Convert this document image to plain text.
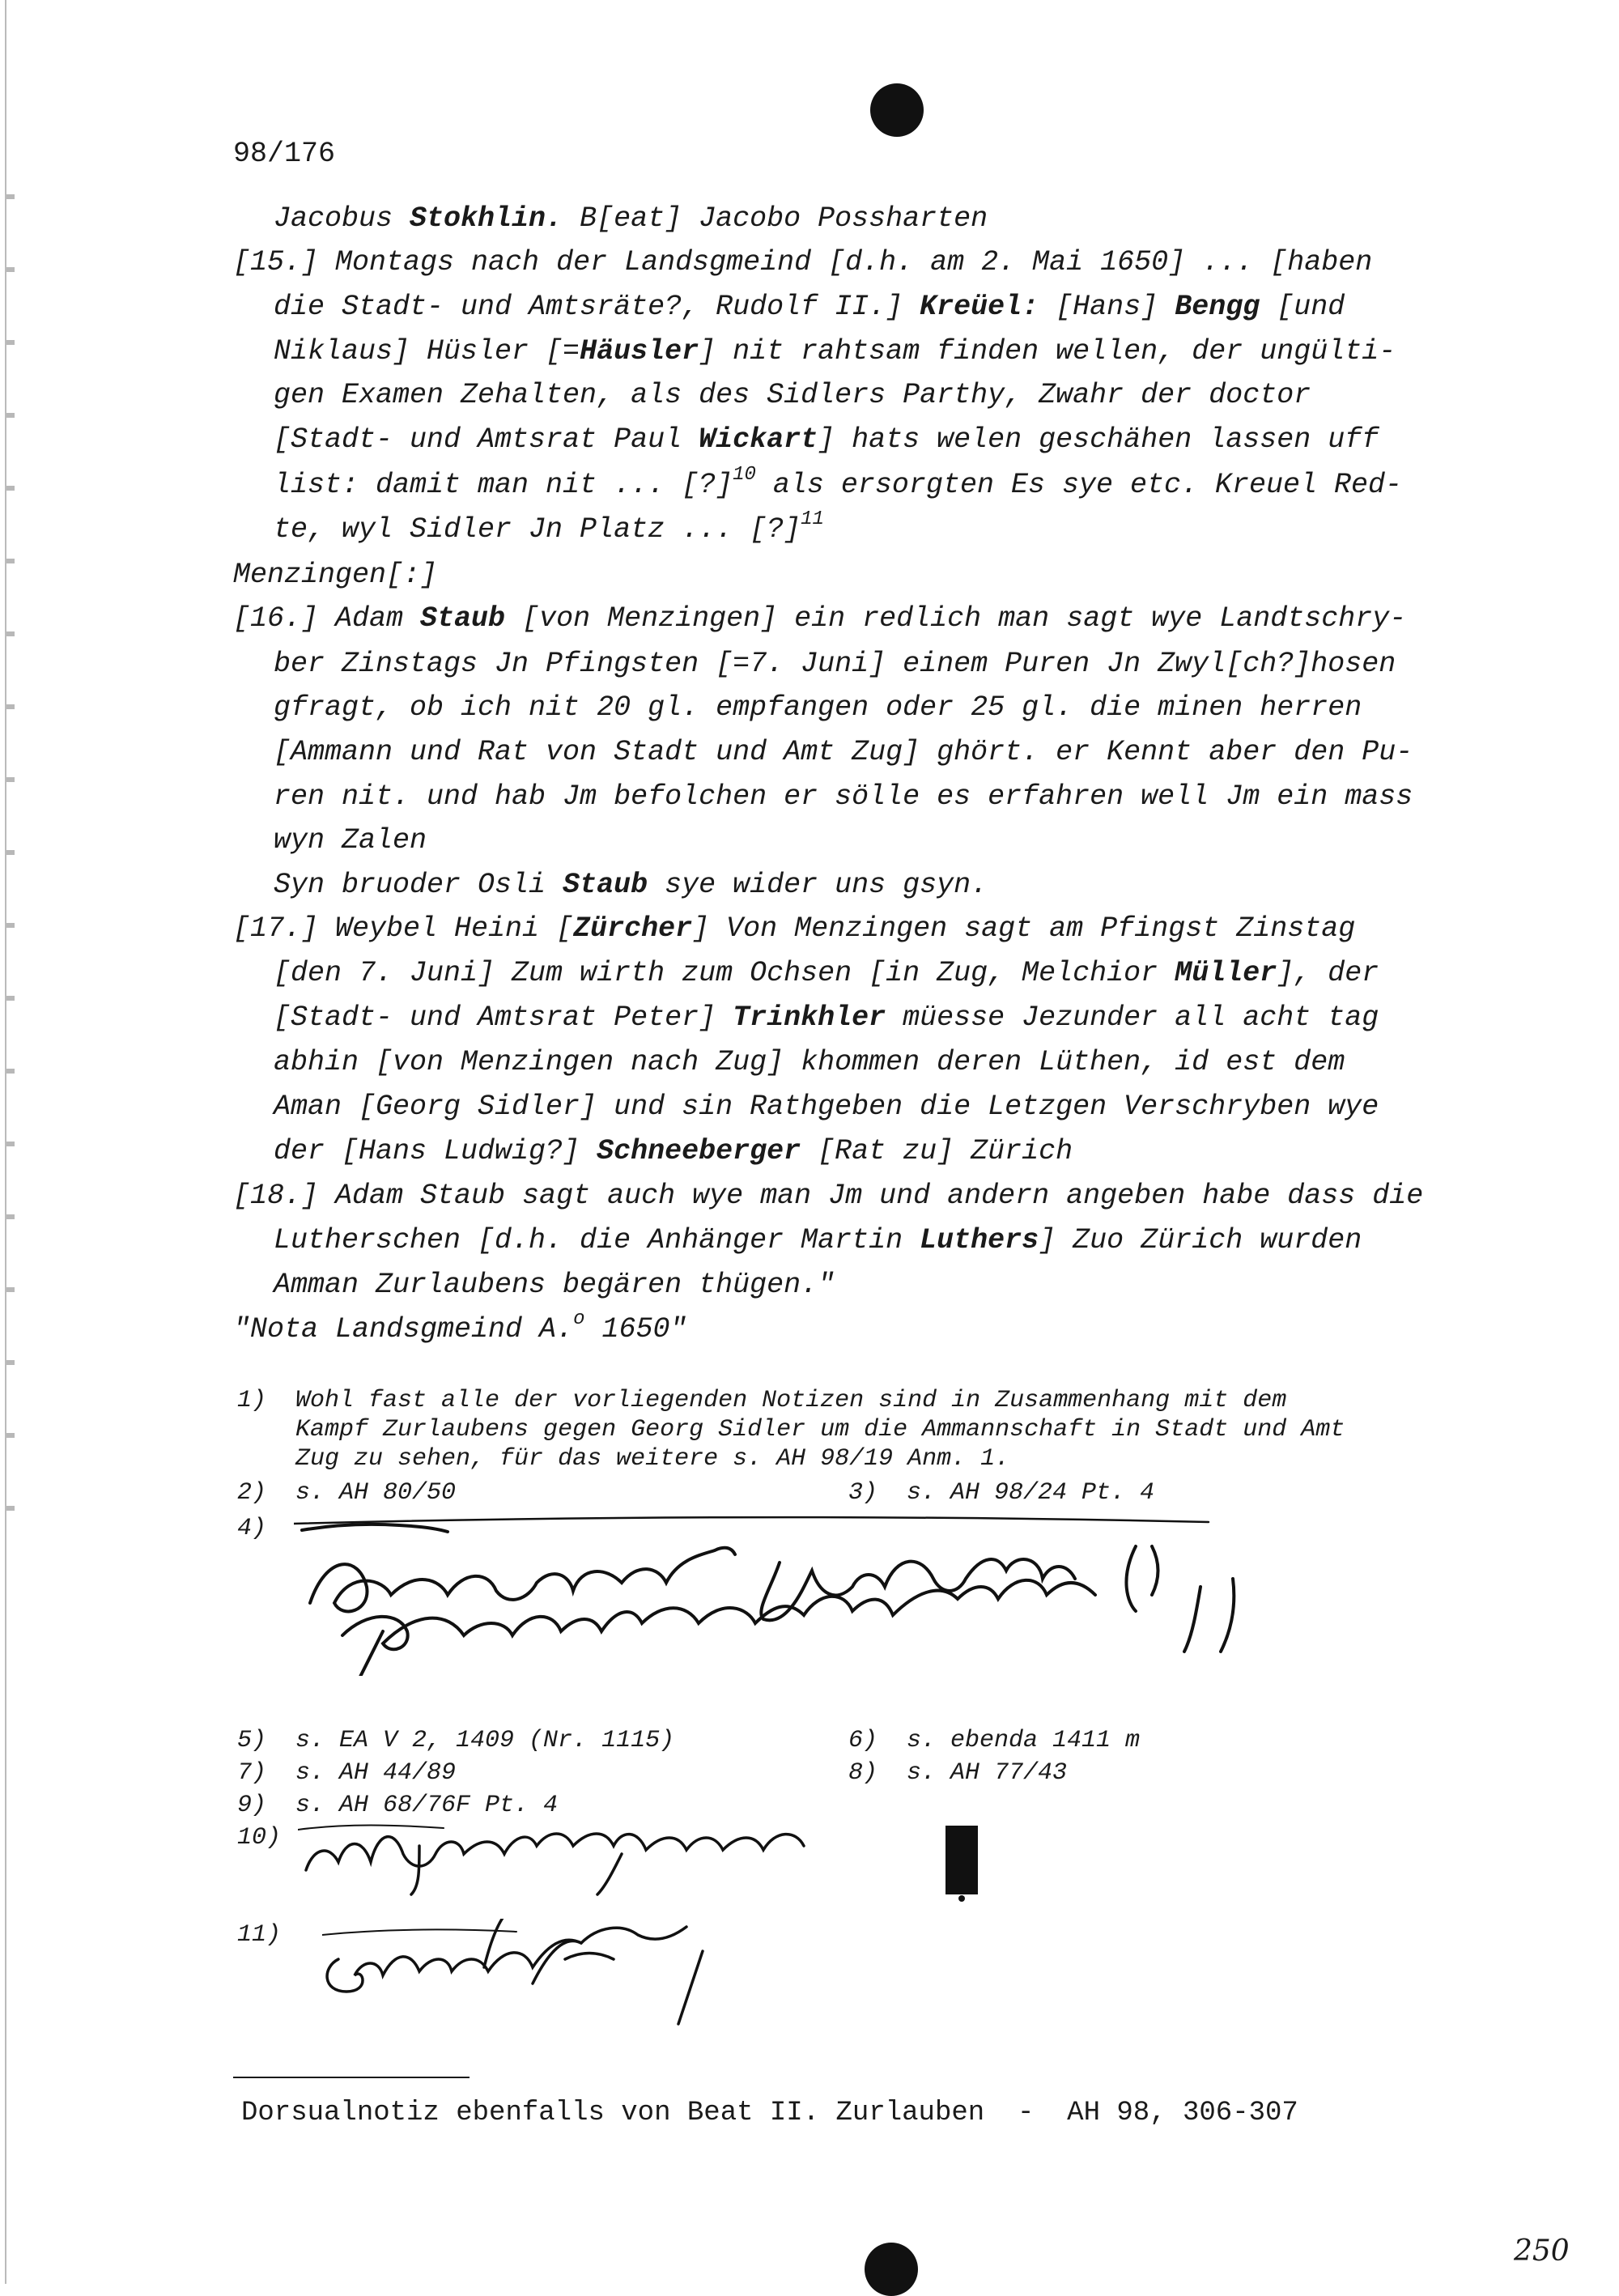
98/176
Jacobus Stokhlin. B[eat] Jacobo Possharten
[15.] Montags nach der Landsgmeind [d.h. am 2. Mai 1650] ... [haben
die Stadt- und Amtsräte?, Rudolf II.] Kreüel: [Hans] Bengg [und
Niklaus] Hüsler [=Häusler] nit rahtsam finden wellen, der ungülti-
gen Examen Zehalten, als des Sidlers Parthy, Zwahr der doctor
[Stadt- und Amtsrat Paul Wickart] hats welen geschähen lassen uff
list: damit man nit ... [?]$^{10}$ als ersorgten Es sye etc. Kreuel Red-
te, wyl Sidler Jn Platz ... [?]$^{11}$
Menzingen[:]
[16.] Adam Staub [von Menzingen] ein redlich man sagt wye Landtschry-
ber Zinstags Jn Pfingsten [=7. Juni] einem Puren Jn Zwyl[ch?]hosen
gfragt, ob ich nit 20 gl. empfangen oder 25 gl. die minen herren
[Ammann und Rat von Stadt und Amt Zug] ghört. er Kennt aber den Pu-
ren nit. und hab Jm befolchen er sölle es erfahren well Jm ein mass
wyn Zalen
Syn bruoder Osli Staub sye wider uns gsyn.
[17.] Weybel Heini [Zürcher] Von Menzingen sagt am Pfingst Zinstag
[den 7. Juni] Zum wirth zum Ochsen [in Zug, Melchior Müller], der
[Stadt- und Amtsrat Peter] Trinkhler müesse Jezunder all acht tag
abhin [von Menzingen nach Zug] khommen deren Lüthen, id est dem
Aman [Georg Sidler] und sin Rathgeben die Letzgen Verschryben wye
der [Hans Ludwig?] Schneeberger [Rat zu] Zürich
[18.] Adam Staub sagt auch wye man Jm und andern angeben habe dass die
Lutherschen [d.h. die Anhänger Martin Luthers] Zuo Zürich wurden
Amman Zurlaubens begären thügen."
"Nota Landsgmeind A.$^o$ 1650"
1)  Wohl fast alle der vorliegenden Notizen sind in Zusammenhang mit dem
Kampf Zurlaubens gegen Georg Sidler um die Ammannschaft in Stadt und Amt
Zug zu sehen, für das weitere s. AH 98/19 Anm. 1.
2)  s. AH 80/50	3)  s. AH 98/24 Pt. 4
4)
5)  s. EA V 2, 1409 (Nr. 1115)	6)  s. ebenda 1411 m
7)  s. AH 44/89	8)  s. AH 77/43
9)  s. AH 68/76F Pt. 4
10)
11)
Dorsualnotiz ebenfalls von Beat II. Zurlauben  -  AH 98, 306-307
250
